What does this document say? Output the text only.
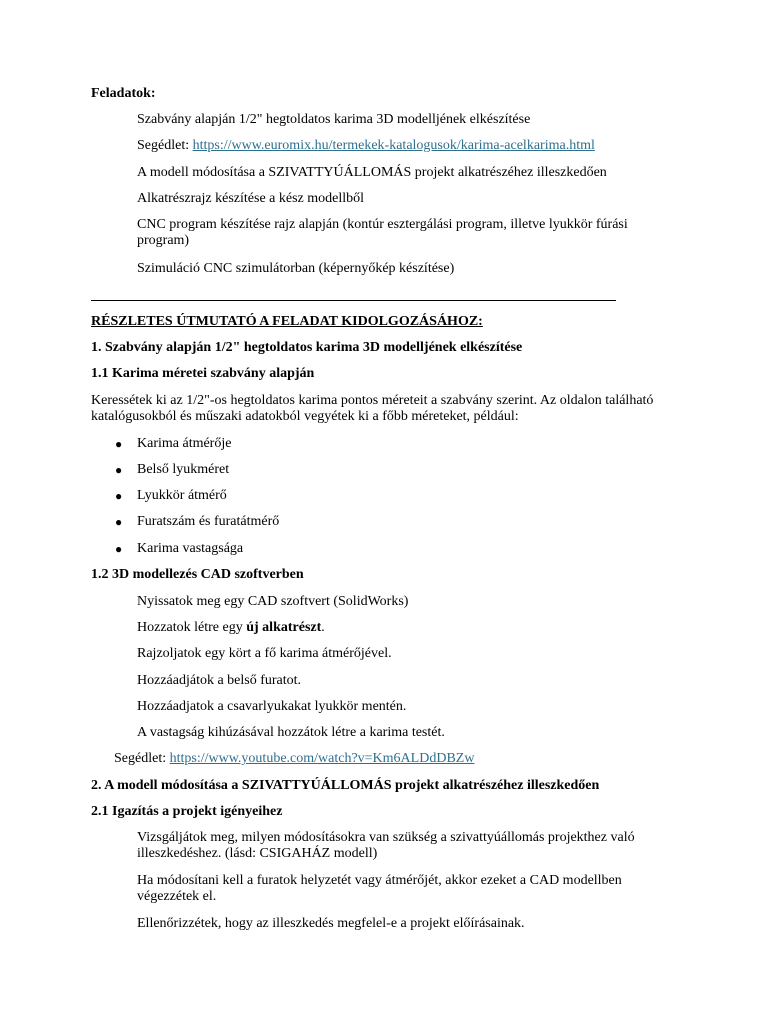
Feladatok:

Szabvány alapján 1/2" hegtoldatos karima 3D modelljének elkészítése

Segédlet: https://www.euromix.hu/termekek-katalogusok/karima-acelkarima.html

A modell módosítása a SZIVATTYÚÁLLOMÁS projekt alkatrészéhez illeszkedően

Alkatrészrajz készítése a kész modellből

CNC program készítése rajz alapján (kontúr esztergálási program, illetve lyukkör fúrási program)

Szimuláció CNC szimulátorban (képernyőkép készítése)

RÉSZLETES ÚTMUTATÓ A FELADAT KIDOLGOZÁSÁHOZ:

1. Szabvány alapján 1/2" hegtoldatos karima 3D modelljének elkészítése

1.1 Karima méretei szabvány alapján

Keressétek ki az 1/2"-os hegtoldatos karima pontos méreteit a szabvány szerint. Az oldalon található katalógusokból és műszaki adatokból vegyétek ki a főbb méreteket, például:

● Karima átmérője

● Belső lyukméret

● Lyukkör átmérő

● Furatszám és furatátmérő

● Karima vastagsága

1.2 3D modellezés CAD szoftverben

Nyissatok meg egy CAD szoftvert (SolidWorks)

Hozzatok létre egy új alkatrészt.

Rajzoljatok egy kört a fő karima átmérőjével.

Hozzáadjátok a belső furatot.

Hozzáadjatok a csavarlyukakat lyukkör mentén.

A vastagság kihúzásával hozzátok létre a karima testét.

Segédlet: https://www.youtube.com/watch?v=Km6ALDdDBZw

2. A modell módosítása a SZIVATTYÚÁLLOMÁS projekt alkatrészéhez illeszkedően

2.1 Igazítás a projekt igényeihez

Vizsgáljátok meg, milyen módosításokra van szükség a szivattyúállomás projekthez való illeszkedéshez. (lásd: CSIGAHÁZ modell)

Ha módosítani kell a furatok helyzetét vagy átmérőjét, akkor ezeket a CAD modellben végezzétek el.

Ellenőrizzétek, hogy az illeszkedés megfelel-e a projekt előírásainak.
